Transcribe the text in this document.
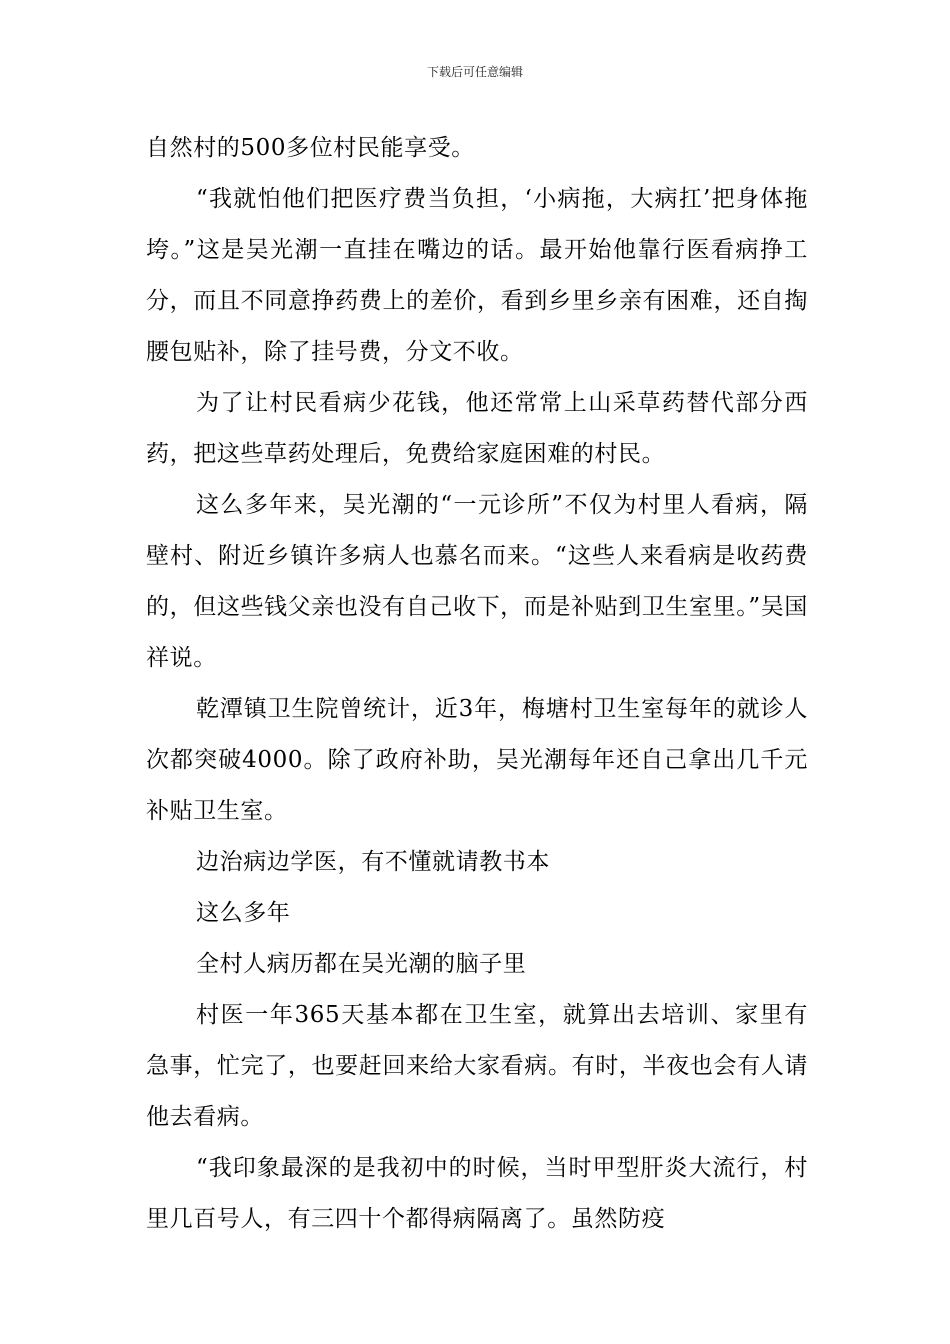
下载后可任意编辑

自然村的500多位村民能享受。

“我就怕他们把医疗费当负担，‘小病拖，大病扛’把身体拖垮。”这是吴光潮一直挂在嘴边的话。最开始他靠行医看病挣工分，而且不同意挣药费上的差价，看到乡里乡亲有困难，还自掏腰包贴补，除了挂号费，分文不收。

为了让村民看病少花钱，他还常常上山采草药替代部分西药，把这些草药处理后，免费给家庭困难的村民。

这么多年来，吴光潮的“一元诊所”不仅为村里人看病，隔壁村、附近乡镇许多病人也慕名而来。“这些人来看病是收药费的，但这些钱父亲也没有自己收下，而是补贴到卫生室里。”吴国祥说。

乾潭镇卫生院曾统计，近3年，梅塘村卫生室每年的就诊人次都突破4000。除了政府补助，吴光潮每年还自己拿出几千元补贴卫生室。

边治病边学医，有不懂就请教书本

这么多年

全村人病历都在吴光潮的脑子里

村医一年365天基本都在卫生室，就算出去培训、家里有急事，忙完了，也要赶回来给大家看病。有时，半夜也会有人请他去看病。

“我印象最深的是我初中的时候，当时甲型肝炎大流行，村里几百号人，有三四十个都得病隔离了。虽然防疫
